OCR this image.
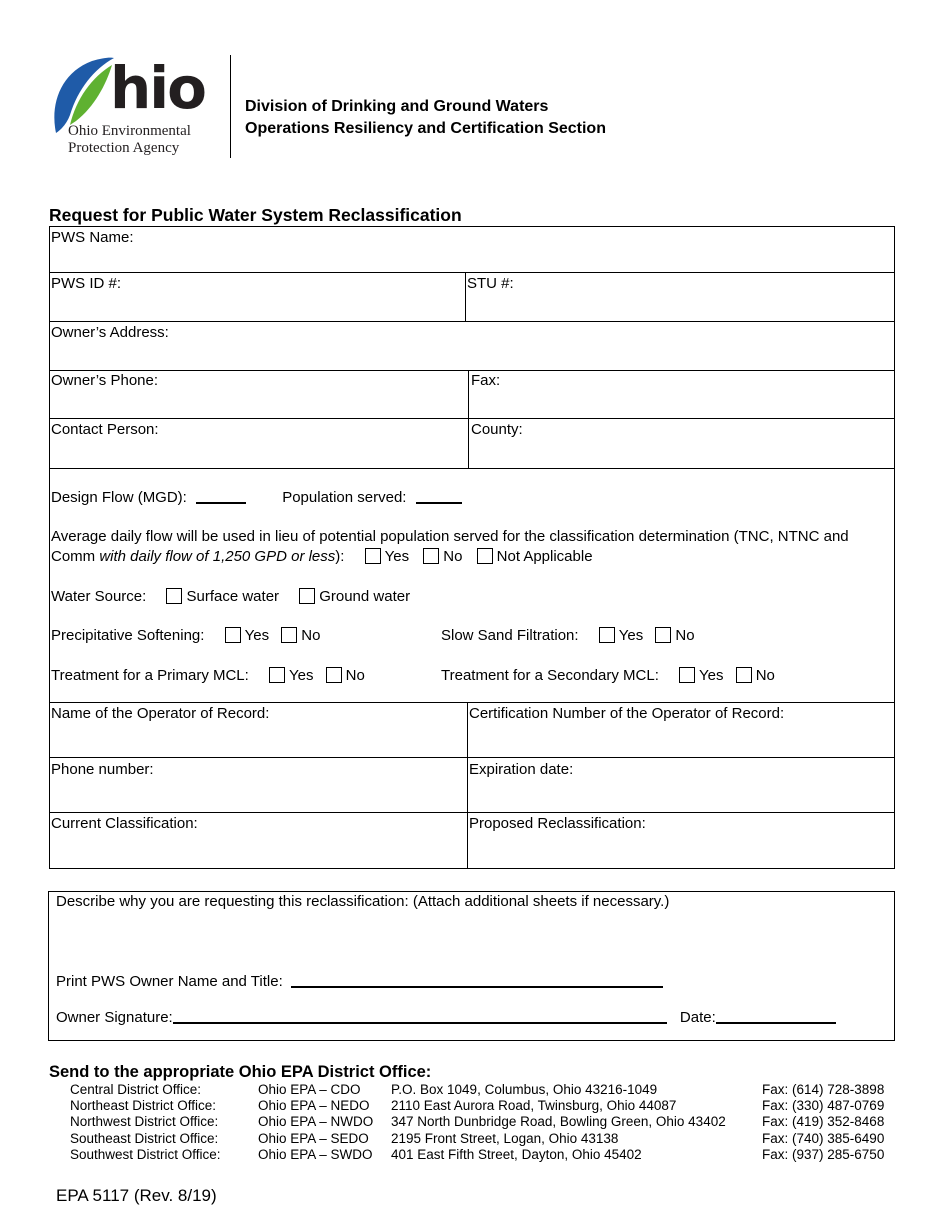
hio
Ohio Environmental
Protection Agency
Division of Drinking and Ground Waters
Operations Resiliency and Certification Section
Request for Public Water System Reclassification
PWS Name:
PWS ID #:	STU #:
Owner’s Address:
Owner’s Phone:	Fax:
Contact Person:	County:
Design Flow (MGD):	Population served:
Average daily flow will be used in lieu of potential population served for the classification determination (TNC, NTNC and
Comm with daily flow of 1,250 GPD or less):	Yes No Not Applicable
Water Source:	Surface water	Ground water
Precipitative Softening:	Yes No	Slow Sand Filtration:	Yes No
Treatment for a Primary MCL:	Yes No	Treatment for a Secondary MCL:	Yes No
Name of the Operator of Record:	Certification Number of the Operator of Record:
Phone number:	Expiration date:
Current Classification:	Proposed Reclassification:
Describe why you are requesting this reclassification: (Attach additional sheets if necessary.)
Print PWS Owner Name and Title:
Owner Signature:	Date:
Send to the appropriate Ohio EPA District Office:
Central District Office:	Ohio EPA – CDO P.O. Box 1049, Columbus, Ohio 43216-1049	Fax: (614) 728-3898
Northeast District Office:	Ohio EPA – NEDO 2110 East Aurora Road, Twinsburg, Ohio 44087	Fax: (330) 487-0769
Northwest District Office:	Ohio EPA – NWDO 347 North Dunbridge Road, Bowling Green, Ohio 43402	Fax: (419) 352-8468
Southeast District Office:	Ohio EPA – SEDO 2195 Front Street, Logan, Ohio 43138	Fax: (740) 385-6490
Southwest District Office:	Ohio EPA – SWDO 401 East Fifth Street, Dayton, Ohio 45402	Fax: (937) 285-6750
EPA 5117 (Rev. 8/19)
